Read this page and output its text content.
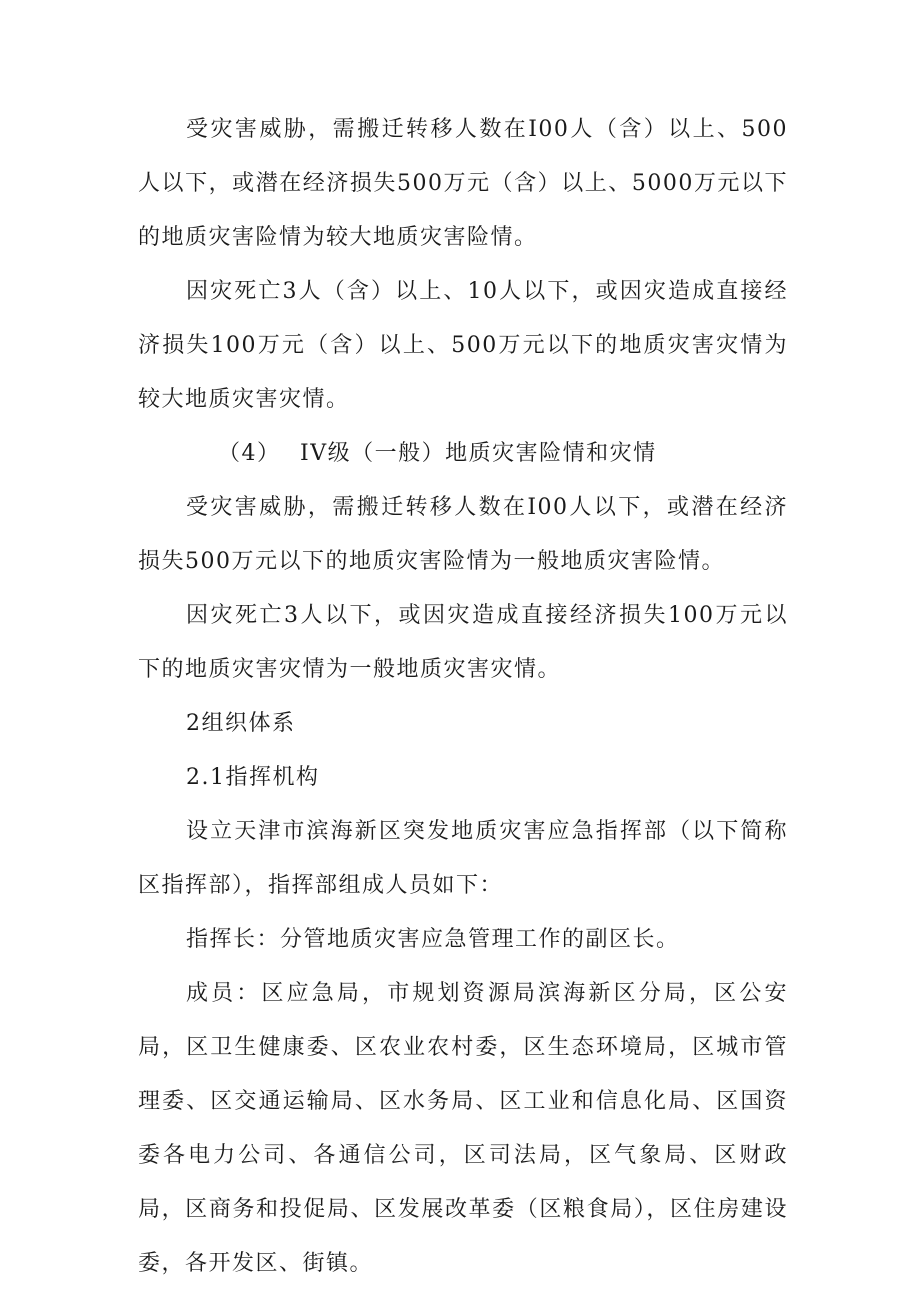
受灾害威胁，需搬迁转移人数在I00人（含）以上、500人以下，或潜在经济损失500万元（含）以上、5000万元以下的地质灾害险情为较大地质灾害险情。

因灾死亡3人（含）以上、10人以下，或因灾造成直接经济损失100万元（含）以上、500万元以下的地质灾害灾情为较大地质灾害灾情。

（4） IV级（一般）地质灾害险情和灾情

受灾害威胁，需搬迁转移人数在I00人以下，或潜在经济损失500万元以下的地质灾害险情为一般地质灾害险情。

因灾死亡3人以下，或因灾造成直接经济损失100万元以下的地质灾害灾情为一般地质灾害灾情。

2组织体系

2.1指挥机构

设立天津市滨海新区突发地质灾害应急指挥部（以下简称区指挥部），指挥部组成人员如下：

指挥长：分管地质灾害应急管理工作的副区长。

成员：区应急局，市规划资源局滨海新区分局，区公安局，区卫生健康委、区农业农村委，区生态环境局，区城市管理委、区交通运输局、区水务局、区工业和信息化局、区国资委各电力公司、各通信公司，区司法局，区气象局、区财政局，区商务和投促局、区发展改革委（区粮食局），区住房建设委，各开发区、街镇。
